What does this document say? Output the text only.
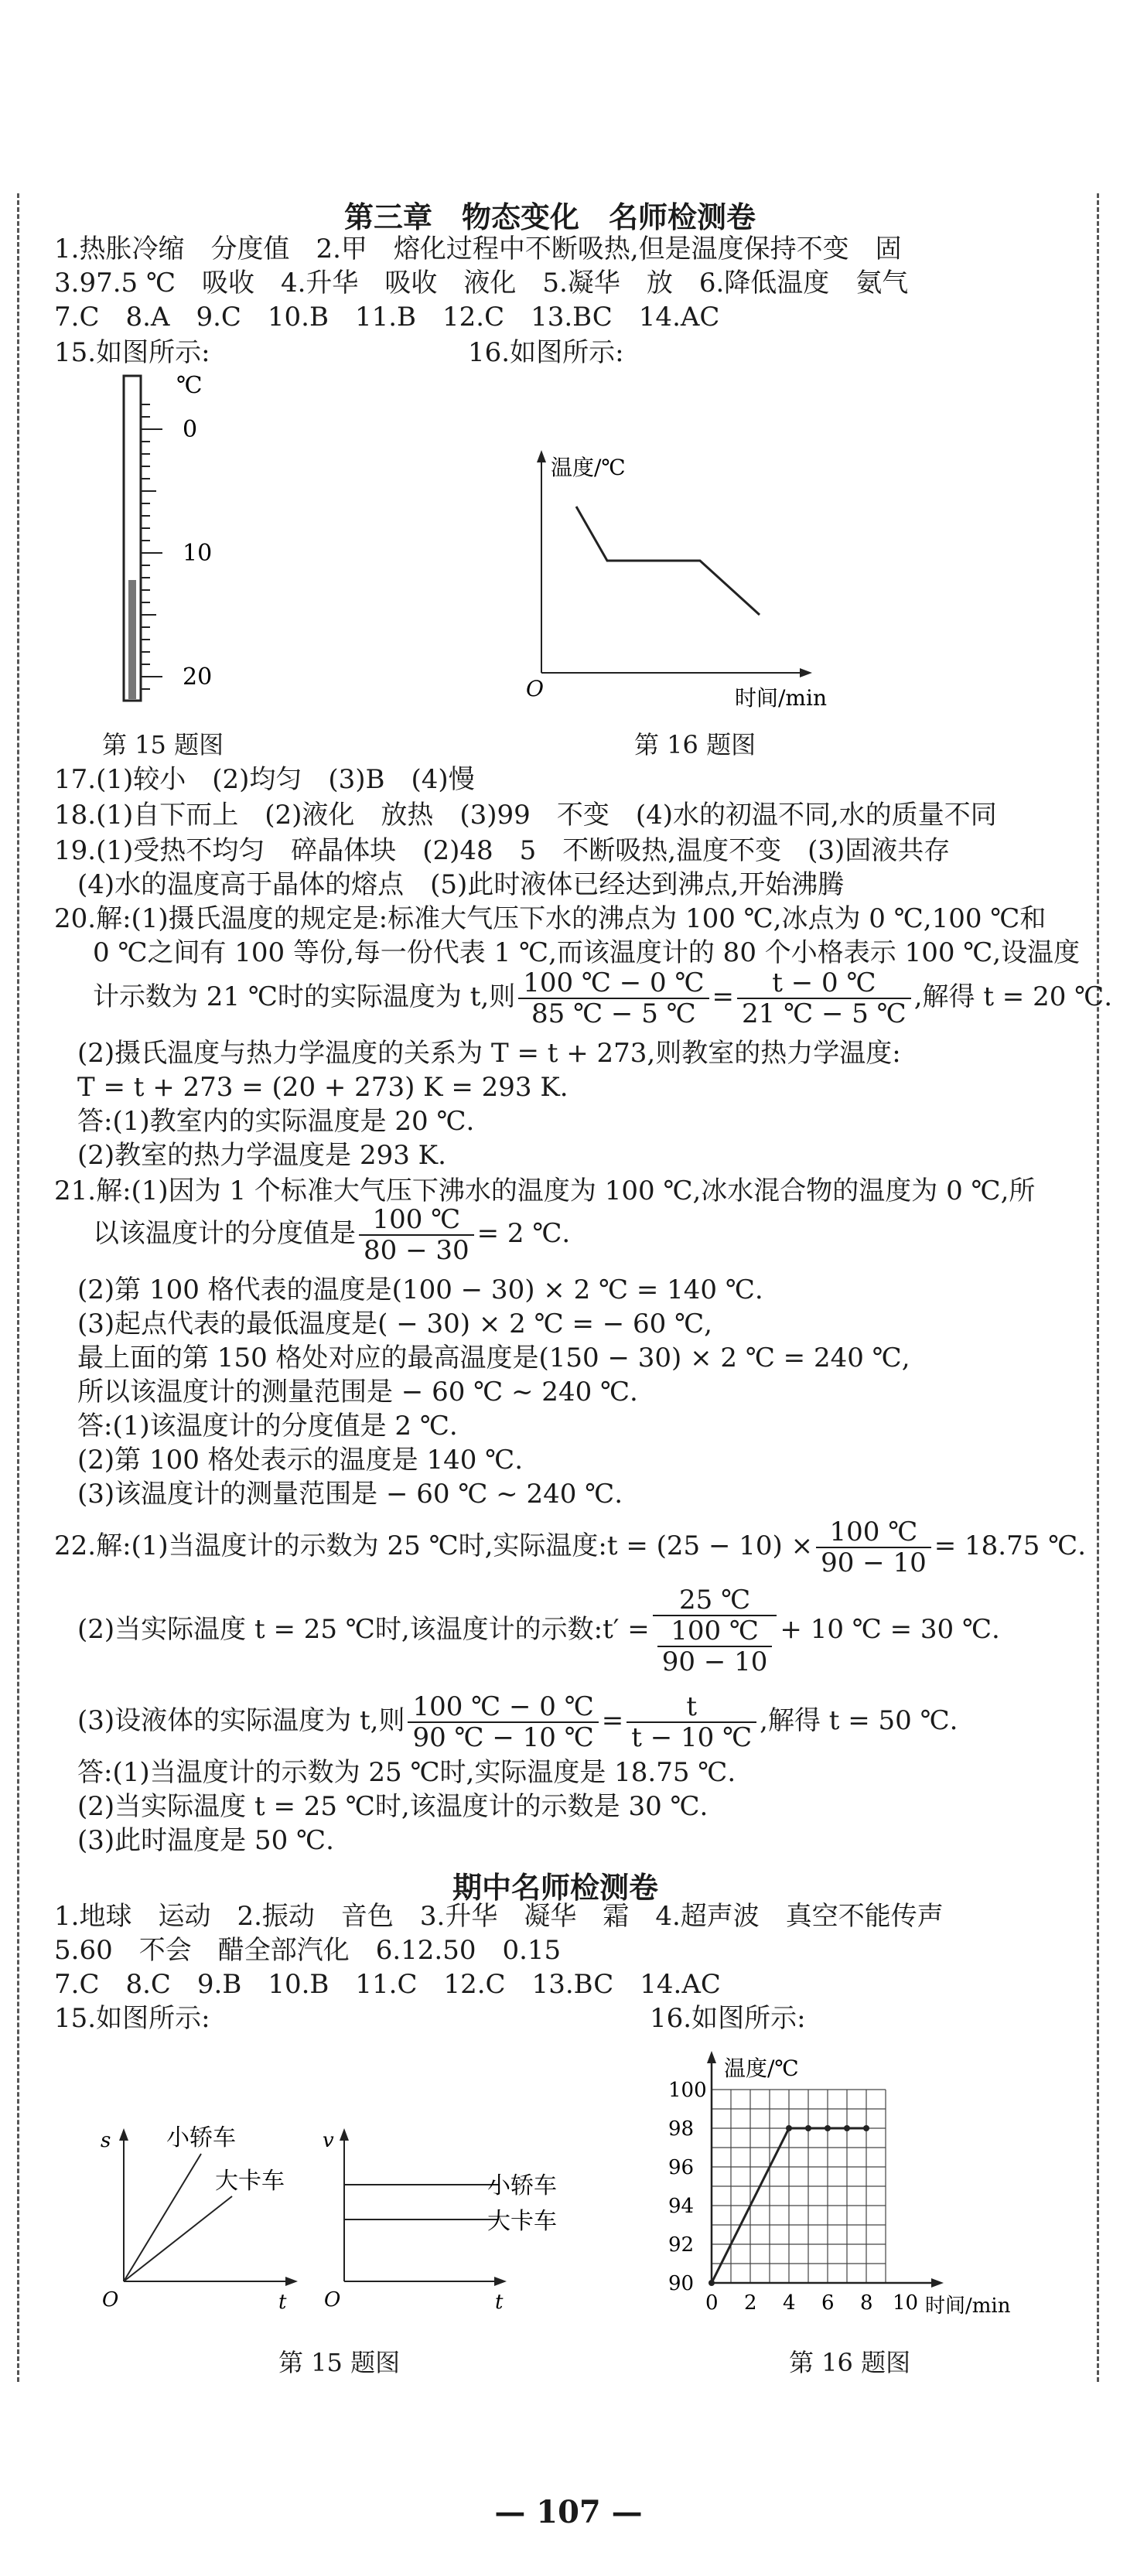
第三章　物态变化　名师检测卷
1.热胀冷缩　分度值　2.甲　熔化过程中不断吸热,但是温度保持不变　固
3.97.5 ℃　吸收　4.升华　吸收　液化　5.凝华　放　6.降低温度　氨气
7.C　8.A　9.C　10.B　11.B　12.C　13.BC　14.AC
15.如图所示:	16.如图所示:
℃
0
10
20
第 15 题图
温度/℃
时间/min
O
第 16 题图
17.(1)较小　(2)均匀　(3)B　(4)慢
18.(1)自下而上　(2)液化　放热　(3)99　不变　(4)水的初温不同,水的质量不同
19.(1)受热不均匀　碎晶体块　(2)48　5　不断吸热,温度不变　(3)固液共存
(4)水的温度高于晶体的熔点　(5)此时液体已经达到沸点,开始沸腾
20.解:(1)摄氏温度的规定是:标准大气压下水的沸点为 100 ℃,冰点为 0 ℃,100 ℃和
0 ℃之间有 100 等份,每一份代表 1 ℃,而该温度计的 80 个小格表示 100 ℃,设温度
计示数为 21 ℃时的实际温度为 t,则 $\frac{100 ℃ - 0 ℃}{85 ℃ - 5 ℃} = \frac{t - 0 ℃}{21 ℃ - 5 ℃}$ ,解得 t = 20 ℃.
(2)摄氏温度与热力学温度的关系为 T = t + 273,则教室的热力学温度:
T = t + 273 = (20 + 273) K = 293 K.
答:(1)教室内的实际温度是 20 ℃.
(2)教室的热力学温度是 293 K.
21.解:(1)因为 1 个标准大气压下沸水的温度为 100 ℃,冰水混合物的温度为 0 ℃,所
以该温度计的分度值是 $\frac{100 ℃}{80 - 30} = 2$ ℃.
(2)第 100 格代表的温度是(100 − 30) × 2 ℃ = 140 ℃.
(3)起点代表的最低温度是( − 30) × 2 ℃ = − 60 ℃,
最上面的第 150 格处对应的最高温度是(150 − 30) × 2 ℃ = 240 ℃,
所以该温度计的测量范围是 − 60 ℃ ~ 240 ℃.
答:(1)该温度计的分度值是 2 ℃.
(2)第 100 格处表示的温度是 140 ℃.
(3)该温度计的测量范围是 − 60 ℃ ~ 240 ℃.
22.解:(1)当温度计的示数为 25 ℃时,实际温度:t = $(25 - 10) \times \frac{100 ℃}{90 - 10} = 18.75$ ℃.
(2)当实际温度 t = 25 ℃时,该温度计的示数:t′ = $\frac{25 ℃}{\frac{100 ℃}{90 - 10}} + 10$ ℃ = 30 ℃.
(3)设液体的实际温度为 t,则 $\frac{100 ℃ - 0 ℃}{90 ℃ - 10 ℃} = \frac{t}{t - 10 ℃}$ ,解得 t = 50 ℃.
答:(1)当温度计的示数为 25 ℃时,实际温度是 18.75 ℃.
(2)当实际温度 t = 25 ℃时,该温度计的示数是 30 ℃.
(3)此时温度是 50 ℃.
期中名师检测卷
1.地球　运动　2.振动　音色　3.升华　凝华　霜　4.超声波　真空不能传声
5.60　不会　醋全部汽化　6.12.50　0.15
7.C　8.C　9.B　10.B　11.C　12.C　13.BC　14.AC
15.如图所示:	16.如图所示:
s
t
O
小轿车
大卡车
v
t
O
小轿车
大卡车
第 15 题图
0 2 4 6 8 10
90
92
94
96
98
100
温度/℃
时间/min
第 16 题图
— 107 —
